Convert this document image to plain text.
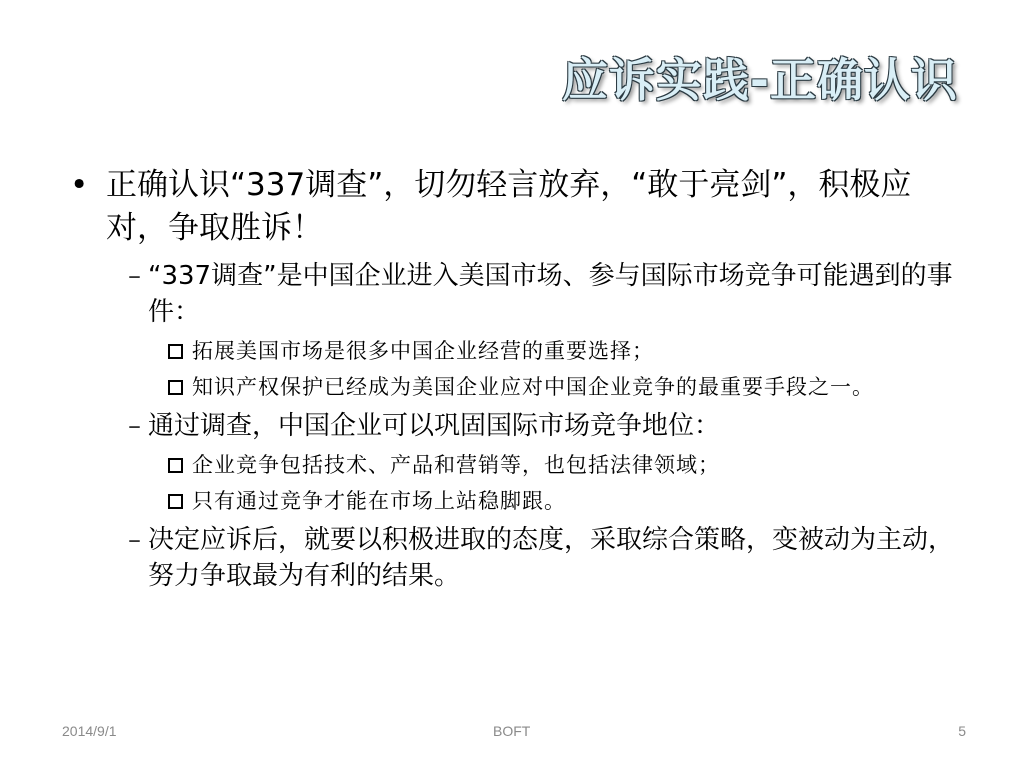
应诉实践-正确认识
• 正确认识“337调查”，切勿轻言放弃，“敢于亮剑”，积极应对，争取胜诉！
– “337调查”是中国企业进入美国市场、参与国际市场竞争可能遇到的事件：
拓展美国市场是很多中国企业经营的重要选择；
知识产权保护已经成为美国企业应对中国企业竞争的最重要手段之一。
– 通过调查，中国企业可以巩固国际市场竞争地位：
企业竞争包括技术、产品和营销等，也包括法律领域；
只有通过竞争才能在市场上站稳脚跟。
– 决定应诉后，就要以积极进取的态度，采取综合策略，变被动为主动，努力争取最为有利的结果。
2014/9/1	BOFT	5
